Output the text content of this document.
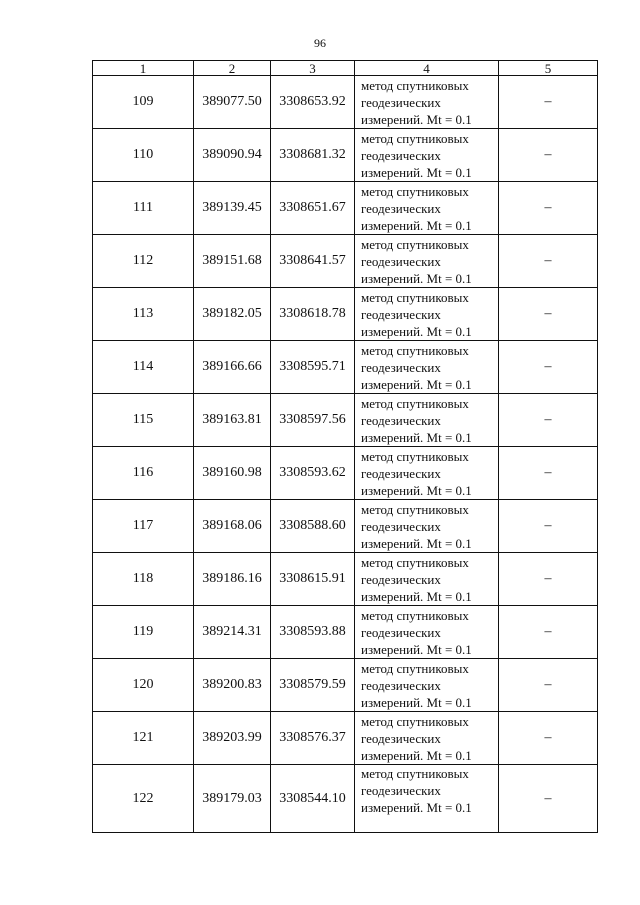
96
1	2	3	4	5
109	389077.50	3308653.92	метод спутниковых
геодезических
измерений. Mt = 0.1	–
110	389090.94	3308681.32	метод спутниковых
геодезических
измерений. Mt = 0.1	–
111	389139.45	3308651.67	метод спутниковых
геодезических
измерений. Mt = 0.1	–
112	389151.68	3308641.57	метод спутниковых
геодезических
измерений. Mt = 0.1	–
113	389182.05	3308618.78	метод спутниковых
геодезических
измерений. Mt = 0.1	–
114	389166.66	3308595.71	метод спутниковых
геодезических
измерений. Mt = 0.1	–
115	389163.81	3308597.56	метод спутниковых
геодезических
измерений. Mt = 0.1	–
116	389160.98	3308593.62	метод спутниковых
геодезических
измерений. Mt = 0.1	–
117	389168.06	3308588.60	метод спутниковых
геодезических
измерений. Mt = 0.1	–
118	389186.16	3308615.91	метод спутниковых
геодезических
измерений. Mt = 0.1	–
119	389214.31	3308593.88	метод спутниковых
геодезических
измерений. Mt = 0.1	–
120	389200.83	3308579.59	метод спутниковых
геодезических
измерений. Mt = 0.1	–
121	389203.99	3308576.37	метод спутниковых
геодезических
измерений. Mt = 0.1	–
122	389179.03	3308544.10	метод спутниковых
геодезических
измерений. Mt = 0.1	–
